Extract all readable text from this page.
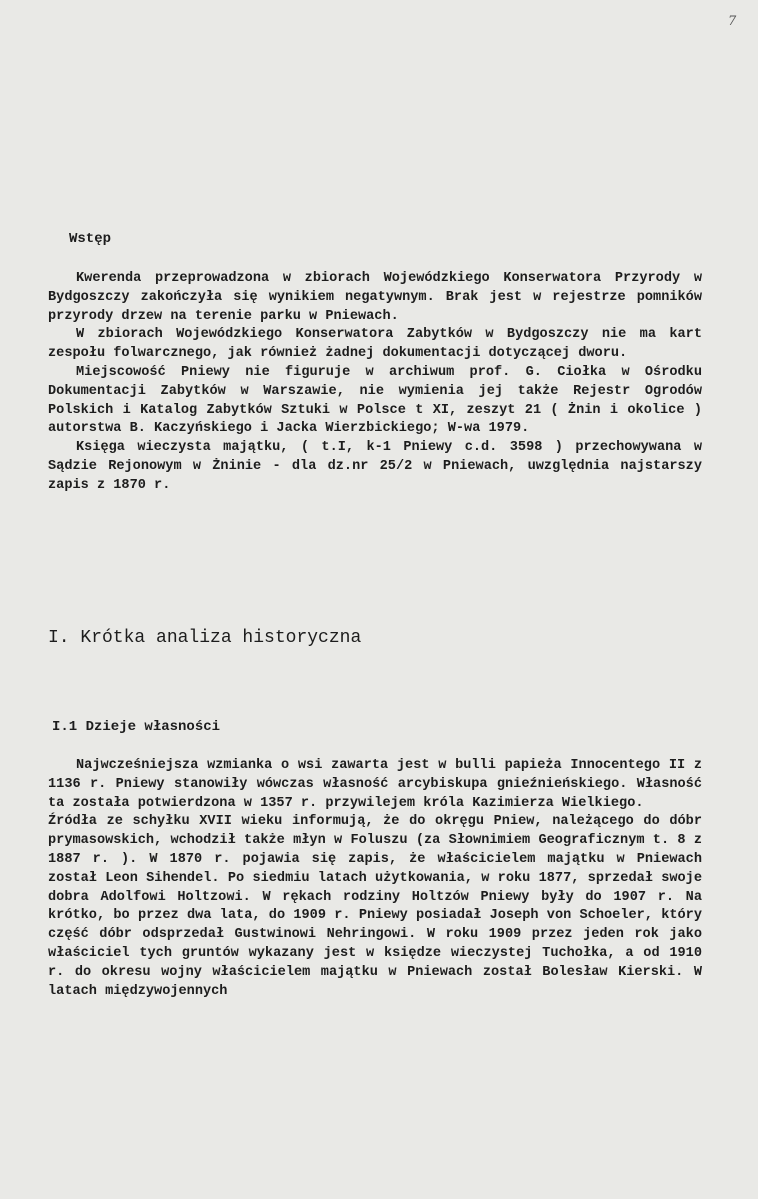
7
Wstęp

Kwerenda przeprowadzona w zbiorach Wojewódzkiego Konserwatora Przyrody w Bydgoszczy zakończyła się wynikiem negatywnym. Brak jest w rejestrze pomników przyrody drzew na terenie parku w Pniewach.

W zbiorach Wojewódzkiego Konserwatora Zabytków w Bydgoszczy nie ma kart zespołu folwarcznego, jak również żadnej dokumentacji dotyczącej dworu.

Miejscowość Pniewy nie figuruje w archiwum prof. G. Ciołka w Ośrodku Dokumentacji Zabytków w Warszawie, nie wymienia jej także Rejestr Ogrodów Polskich i Katalog Zabytków Sztuki w Polsce t XI, zeszyt 21 ( Żnin i okolice ) autorstwa B. Kaczyńskiego i Jacka Wierzbickiego; W-wa 1979.

Księga wieczysta majątku, ( t.I, k-1 Pniewy c.d. 3598 ) przechowywana w Sądzie Rejonowym w Żninie - dla dz.nr 25/2 w Pniewach, uwzględnia najstarszy zapis z 1870 r.

I. Krótka analiza historyczna
I.1 Dzieje własności

Najwcześniejsza wzmianka o wsi zawarta jest w bulli papieża Innocentego II z 1136 r. Pniewy stanowiły wówczas własność arcybiskupa gnieźnieńskiego. Własność ta została potwierdzona w 1357 r. przywilejem króla Kazimierza Wielkiego.

Źródła ze schyłku XVII wieku informują, że do okręgu Pniew, należącego do dóbr prymasowskich, wchodził także młyn w Foluszu (za Słownimiem Geograficznym t. 8 z 1887 r. ). W 1870 r. pojawia się zapis, że właścicielem majątku w Pniewach został Leon Sihendel. Po siedmiu latach użytkowania, w roku 1877, sprzedał swoje dobra Adolfowi Holtzowi. W rękach rodziny Holtzów Pniewy były do 1907 r. Na krótko, bo przez dwa lata, do 1909 r. Pniewy posiadał Joseph von Schoeler, który część dóbr odsprzedał Gustwinowi Nehringowi. W roku 1909 przez jeden rok jako właściciel tych gruntów wykazany jest w księdze wieczystej Tuchołka, a od 1910 r. do okresu wojny właścicielem majątku w Pniewach został Bolesław Kierski. W latach międzywojennych
